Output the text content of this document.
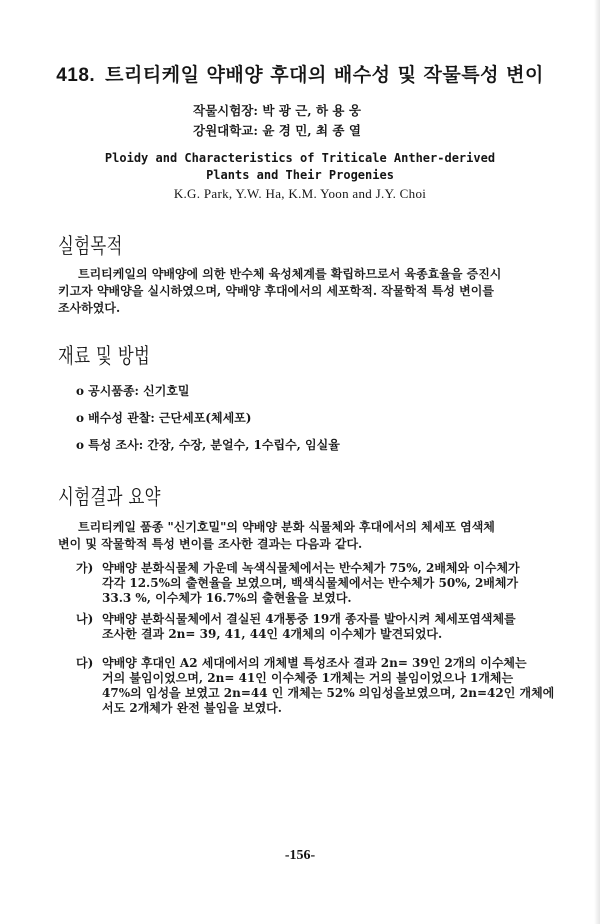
418. 트리티케일 약배양 후대의 배수성 및 작물특성 변이
작물시험장: 박 광 근, 하 용 웅
강원대학교: 윤 경 민, 최 종 열
Ploidy and Characteristics of Triticale Anther-derived
Plants and Their Progenies
K.G. Park, Y.W. Ha, K.M. Yoon and J.Y. Choi
실험목적
트리티케일의 약배양에 의한 반수체 육성체계를 확립하므로서 육종효율을 증진시
키고자 약배양을 실시하였으며, 약배양 후대에서의 세포학적. 작물학적 특성 변이를
조사하였다.
재료 및 방법
o 공시품종: 신기호밀
o 배수성 관찰: 근단세포(체세포)
o 특성 조사: 간장, 수장, 분얼수, 1수립수, 임실율
시험결과 요약
트리티케일 품종 "신기호밀"의 약배양 분화 식물체와 후대에서의 체세포 염색체
변이 및 작물학적 특성 변이를 조사한 결과는 다음과 같다.
가) 약배양 분화식물체 가운데 녹색식물체에서는 반수체가 75%, 2배체와 이수체가
각각 12.5%의 출현율을 보였으며, 백색식물체에서는 반수체가 50%, 2배체가
33.3 %, 이수체가 16.7%의 출현율을 보였다.
나) 약배양 분화식물체에서 결실된 4개통중 19개 종자를 발아시켜 체세포염색체를
조사한 결과 2n= 39, 41, 44인 4개체의 이수체가 발견되었다.
다) 약배양 후대인 A2 세대에서의 개체별 특성조사 결과 2n= 39인 2개의 이수체는
거의 불임이었으며, 2n= 41인 이수체중 1개체는 거의 불임이었으나 1개체는
47%의 임성을 보였고 2n=44 인 개체는 52% 의임성을보였으며, 2n=42인 개체에
서도 2개체가 완전 불임을 보였다.
-156-
